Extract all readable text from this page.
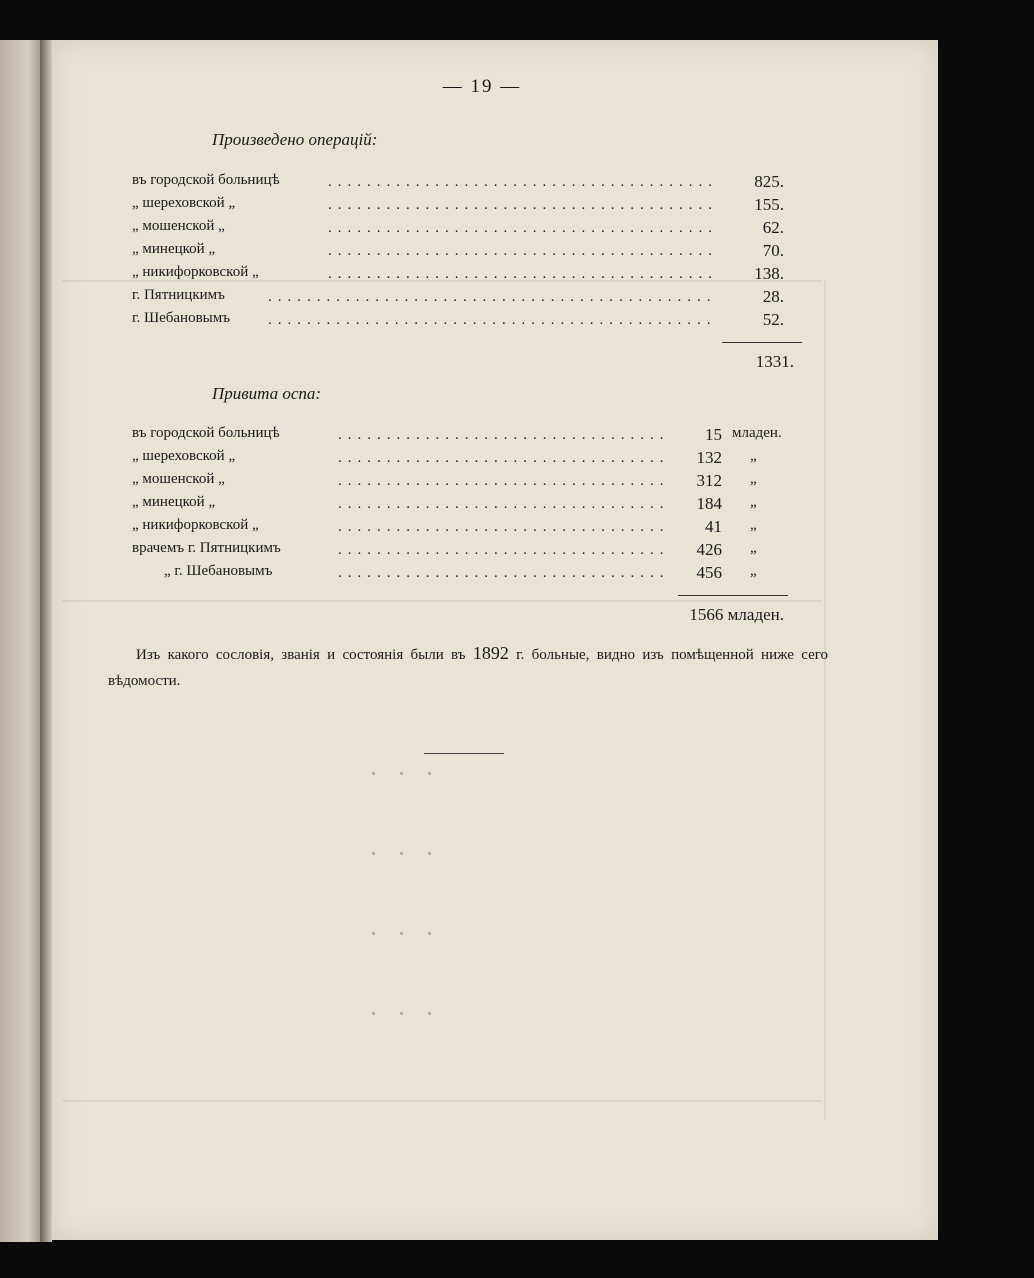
— 19 —
Произведено операцій:
въ городской больницѣ	........................................	825.
„ шереховской „	........................................	155.
„ мошенской „	........................................	62.
„ минецкой „	........................................	70.
„ никифорковской „	........................................	138.
г. Пятницкимъ	..............................................	28.
г. Шебановымъ	..............................................	52.
1331.
Привита оспа:
въ городской больницѣ	..................................	15 младен.
„ шереховской „	..................................	132 „
„ мошенской „	..................................	312 „
„ минецкой „	..................................	184 „
„ никифорковской „	..................................	41 „
врачемъ г. Пятницкимъ	..................................	426 „
„ г. Шебановымъ	..................................	456 „
1566 младен.
Изъ какого сословія, званія и состоянія были въ 1892 г. больные, видно изъ помѣщенной ниже сего вѣдомости.
